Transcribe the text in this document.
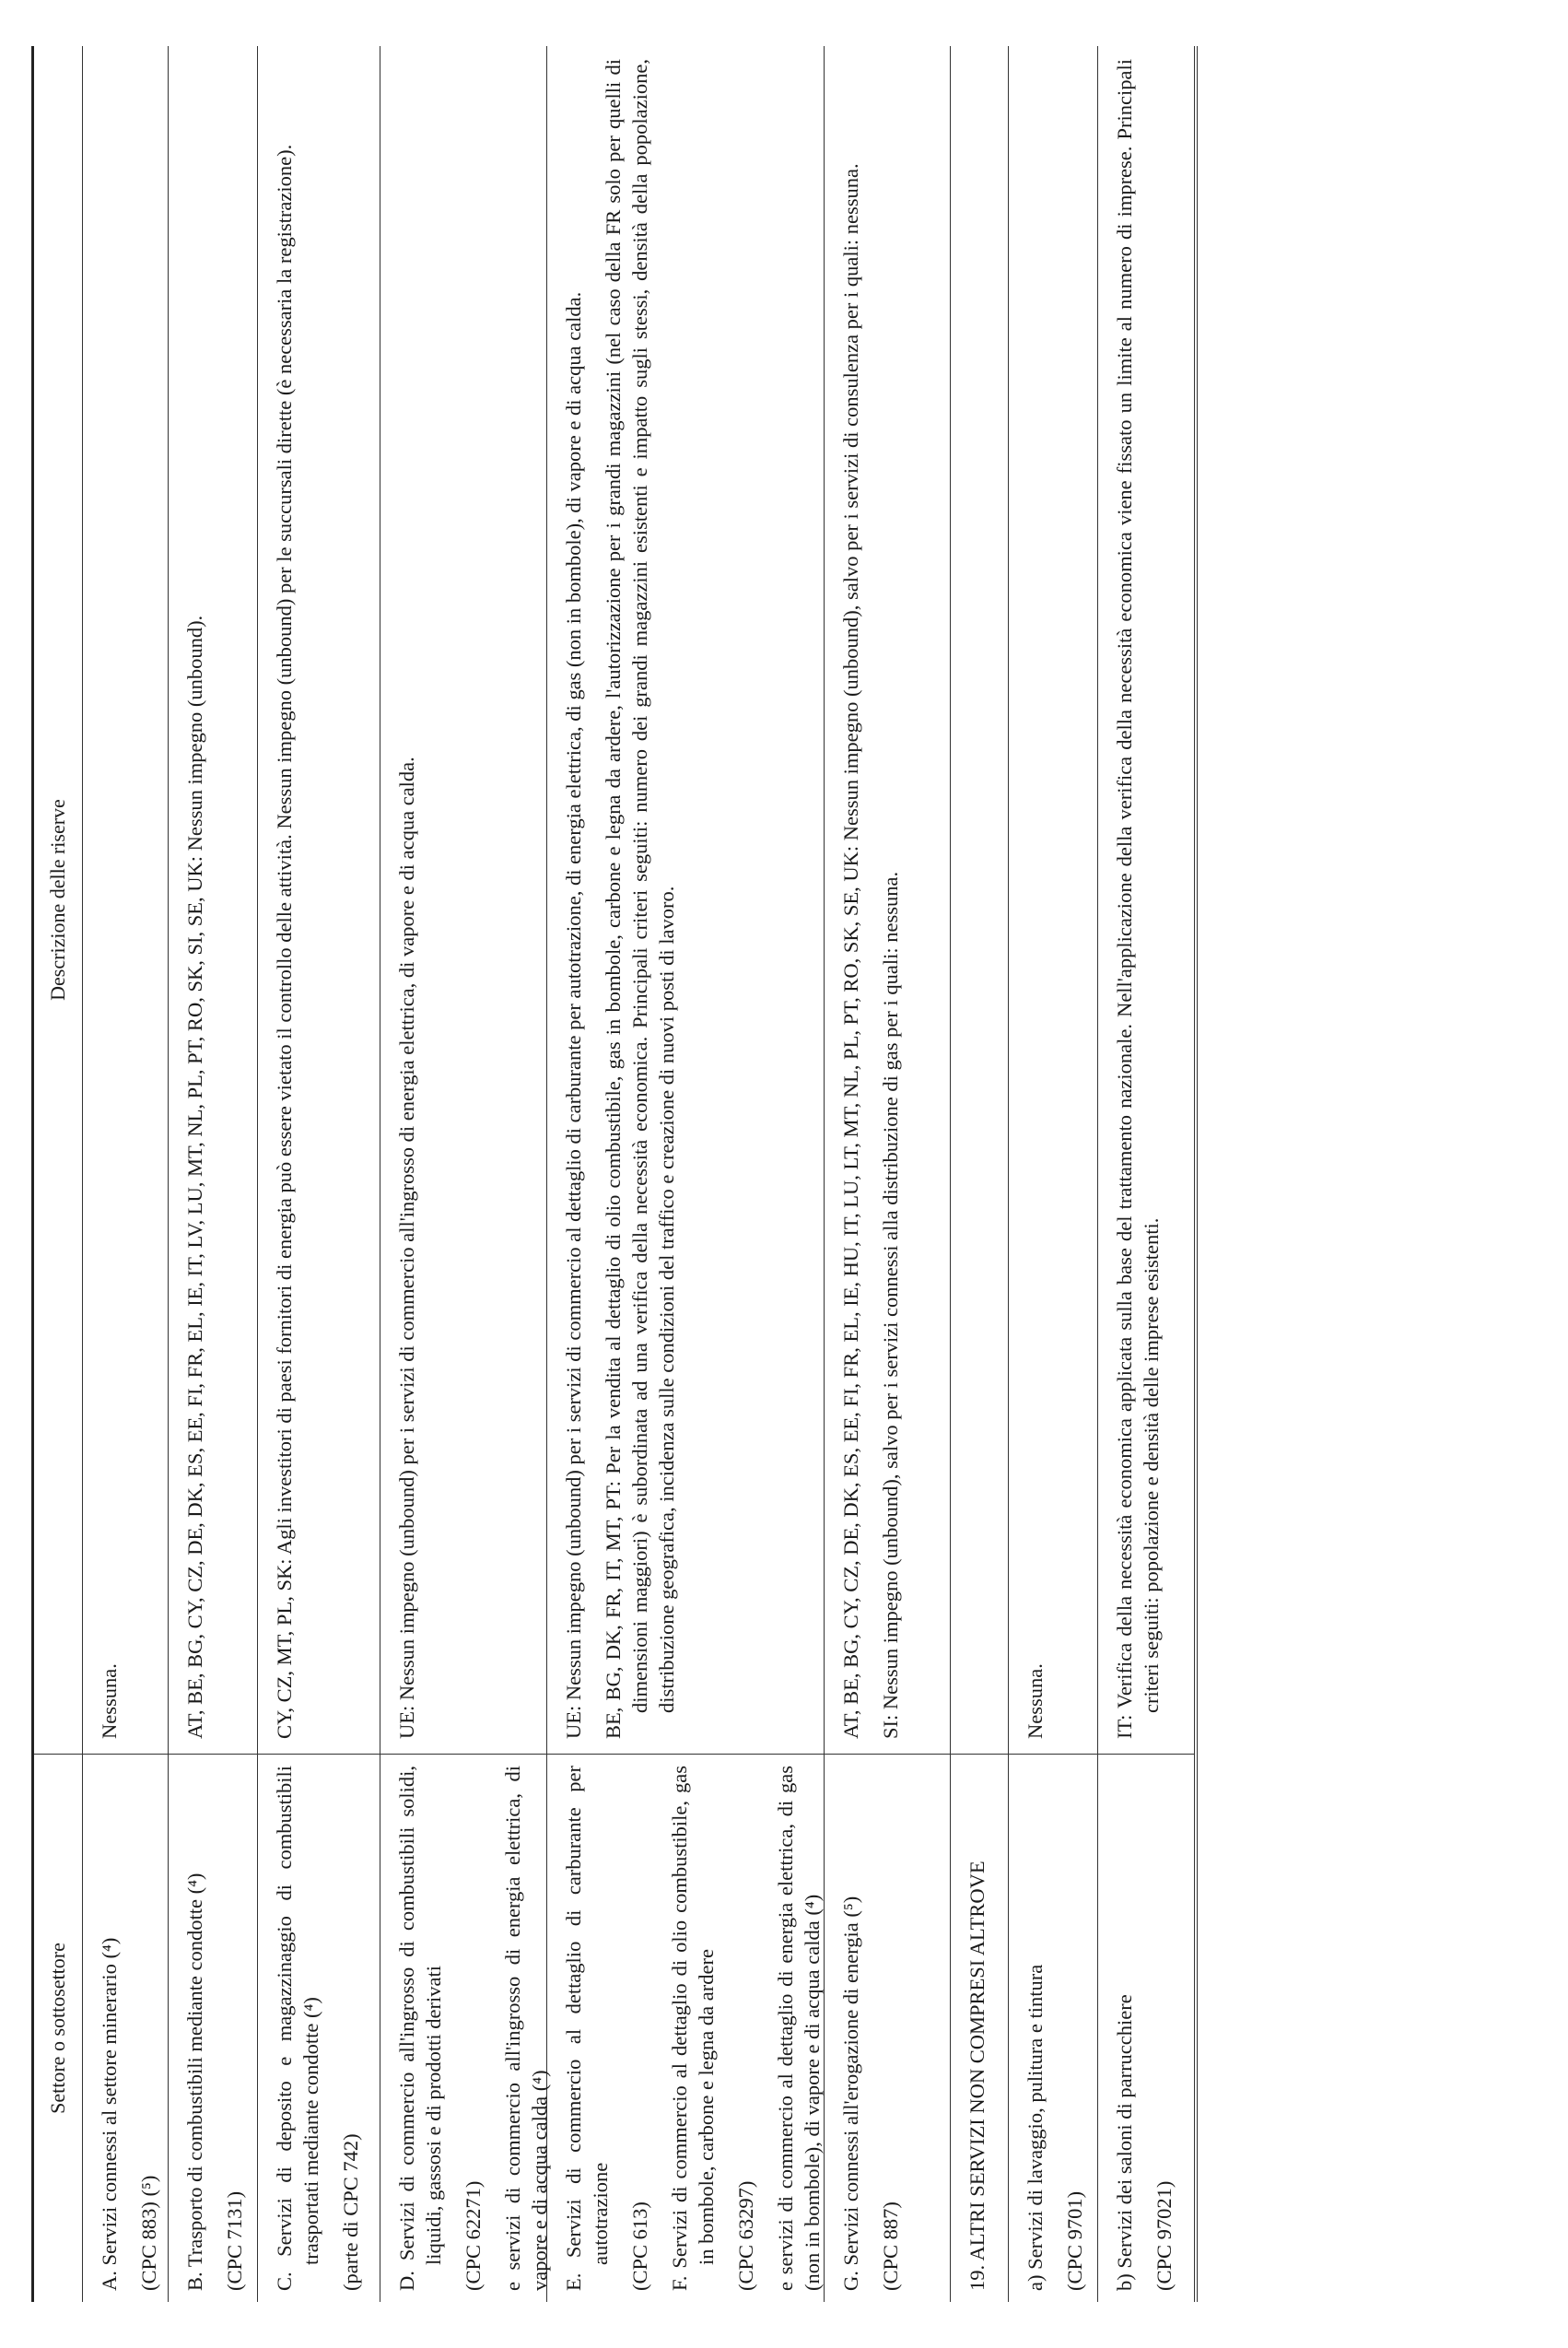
Settore o sottosettore
Descrizione delle riserve
A. Servizi connessi al settore minerario (⁴) (CPC 883) (⁵)
Nessuna.
B. Trasporto di combustibili mediante condotte (⁴) (CPC 7131)
AT, BE, BG, CY, CZ, DE, DK, ES, EE, FI, FR, EL, IE, IT, LV, LU, MT, NL, PL, PT, RO, SK, SI, SE, UK: Nessun impegno (unbound).
C. Servizi di deposito e magazzinaggio di combustibili trasportati mediante condotte (⁴) (parte di CPC 742)
CY, CZ, MT, PL, SK: Agli investitori di paesi fornitori di energia può essere vietato il controllo delle attività. Nessun impegno (unbound) per le succursali dirette (è necessaria la registrazione).
D. Servizi di commercio all'ingrosso di combustibili solidi, liquidi, gassosi e di prodotti derivati (CPC 62271) e servizi di commercio all'ingrosso di energia elettrica, di vapore e di acqua calda (⁴)
UE: Nessun impegno (unbound) per i servizi di commercio all'ingrosso di energia elettrica, di vapore e di acqua calda.
E. Servizi di commercio al dettaglio di carburante per autotrazione (CPC 613) F. Servizi di commercio al dettaglio di olio combustibile, gas in bombole, carbone e legna da ardere (CPC 63297) e servizi di commercio al dettaglio di energia elettrica, di gas (non in bombole), di vapore e di acqua calda (⁴)
UE: Nessun impegno (unbound) per i servizi di commercio al dettaglio di carburante per autotrazione, di energia elettrica, di gas (non in bombole), di vapore e di acqua calda. BE, BG, DK, FR, IT, MT, PT: Per la vendita al dettaglio di olio combustibile, gas in bombole, carbone e legna da ardere, l'autorizzazione per i grandi magazzini (nel caso della FR solo per quelli di dimensioni maggiori) è subordinata ad una verifica della necessità economica. Principali criteri seguiti: numero dei grandi magazzini esistenti e impatto sugli stessi, densità della popolazione, distribuzione geografica, incidenza sulle condizioni del traffico e creazione di nuovi posti di lavoro.
G. Servizi connessi all'erogazione di energia (⁵) (CPC 887)
AT, BE, BG, CY, CZ, DE, DK, ES, EE, FI, FR, EL, IE, HU, IT, LU, LT, MT, NL, PL, PT, RO, SK, SE, UK: Nessun impegno (unbound), salvo per i servizi di consulenza per i quali: nessuna. SI: Nessun impegno (unbound), salvo per i servizi connessi alla distribuzione di gas per i quali: nessuna.
19. ALTRI SERVIZI NON COMPRESI ALTROVE a) Servizi di lavaggio, pulitura e tintura (CPC 9701)
Nessuna.
b) Servizi dei saloni di parrucchiere (CPC 97021)
IT: Verifica della necessità economica applicata sulla base del trattamento nazionale. Nell'applicazione della verifica della necessità economica viene fissato un limite al numero di imprese. Principali criteri seguiti: popolazione e densità delle imprese esistenti.
